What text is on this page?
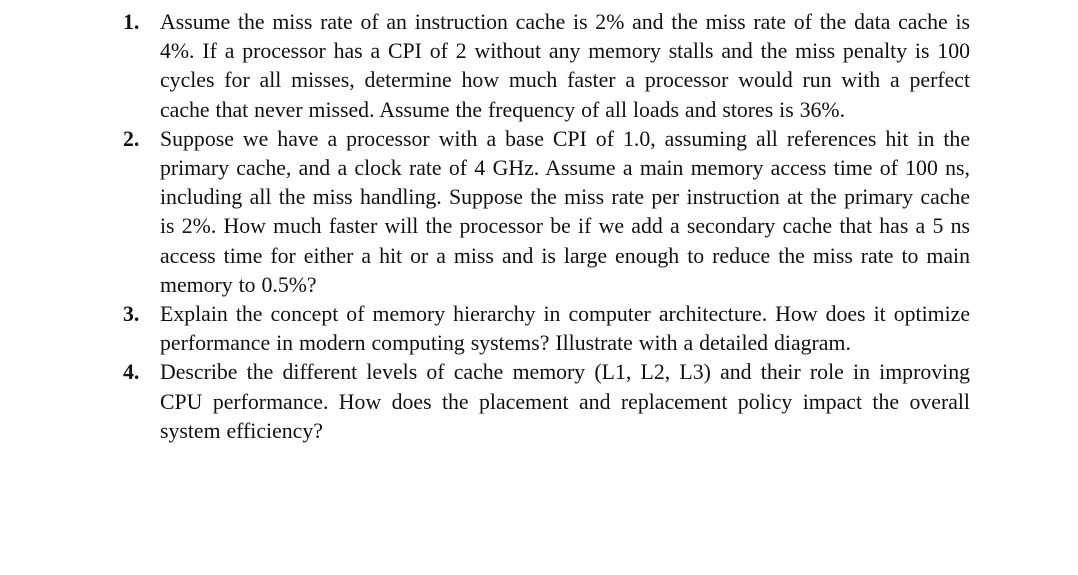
1. Assume the miss rate of an instruction cache is 2% and the miss rate of the data cache is 4%. If a processor has a CPI of 2 without any memory stalls and the miss penalty is 100 cycles for all misses, determine how much faster a processor would run with a perfect cache that never missed. Assume the frequency of all loads and stores is 36%.
2. Suppose we have a processor with a base CPI of 1.0, assuming all references hit in the primary cache, and a clock rate of 4 GHz. Assume a main memory access time of 100 ns, including all the miss handling. Suppose the miss rate per instruction at the primary cache is 2%. How much faster will the processor be if we add a secondary cache that has a 5 ns access time for either a hit or a miss and is large enough to reduce the miss rate to main memory to 0.5%?
3. Explain the concept of memory hierarchy in computer architecture. How does it optimize performance in modern computing systems? Illustrate with a detailed diagram.
4. Describe the different levels of cache memory (L1, L2, L3) and their role in improving CPU performance. How does the placement and replacement policy impact the overall system efficiency?
